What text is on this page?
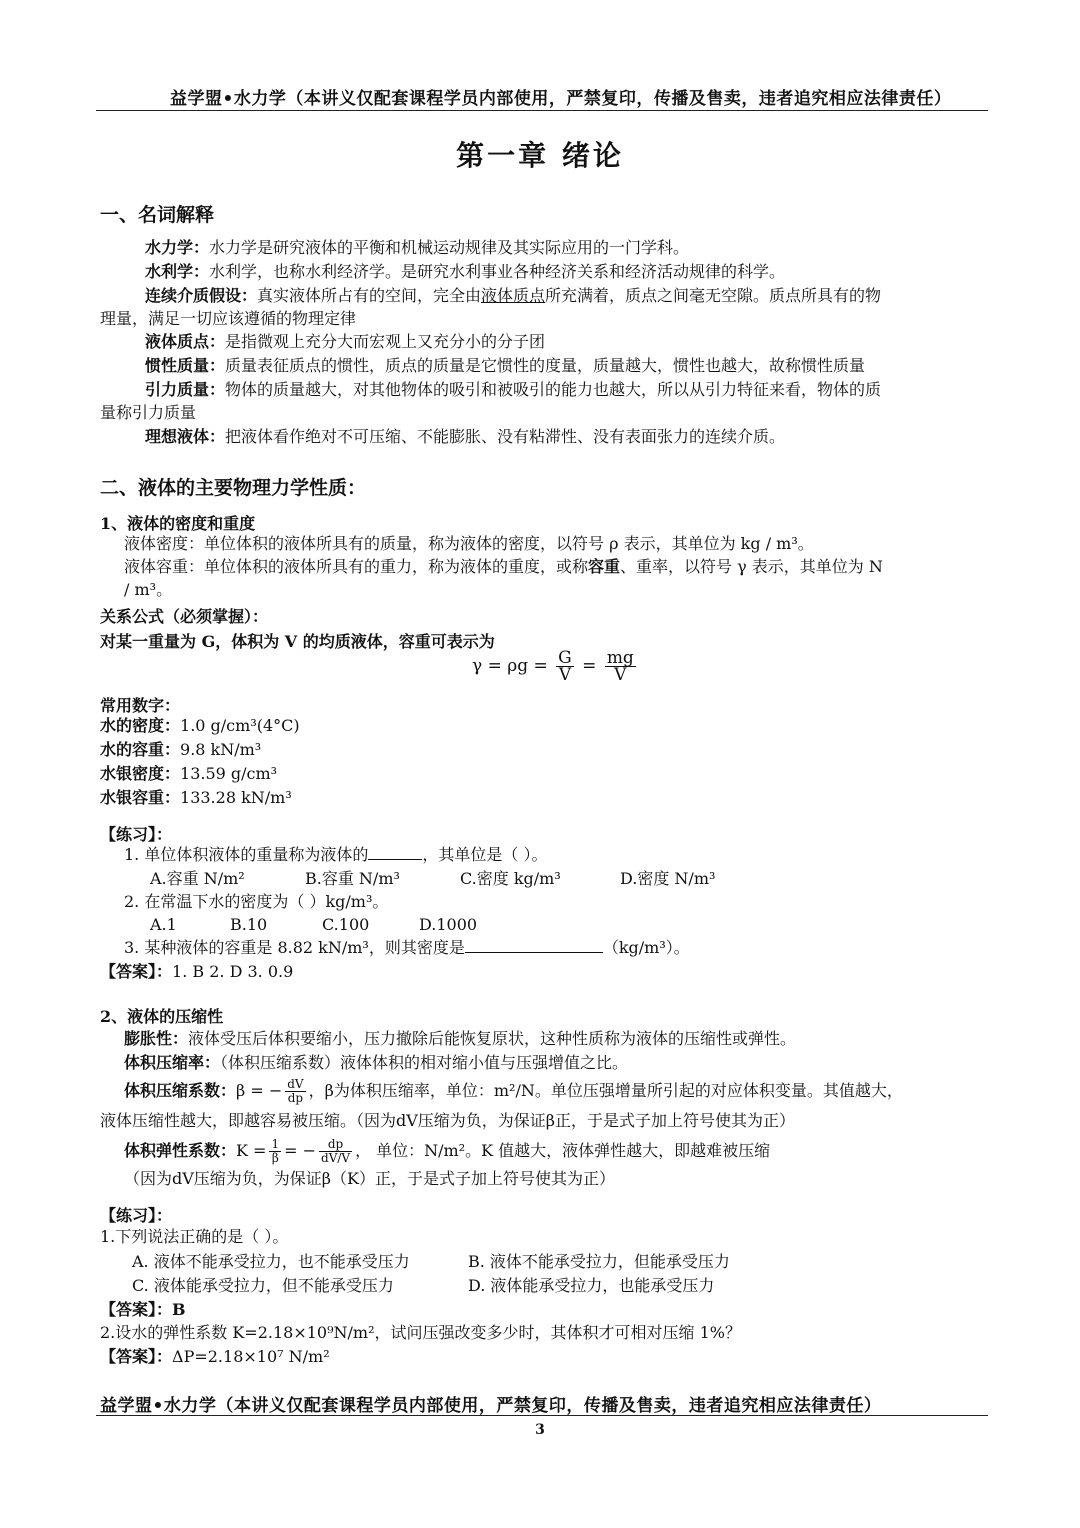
益学盟•水力学（本讲义仅配套课程学员内部使用，严禁复印，传播及售卖，违者追究相应法律责任）
第一章 绪论
一、名词解释
水力学：水力学是研究液体的平衡和机械运动规律及其实际应用的一门学科。
水利学：水利学，也称水利经济学。是研究水利事业各种经济关系和经济活动规律的科学。
连续介质假设：真实液体所占有的空间，完全由液体质点所充满着，质点之间毫无空隙。质点所具有的物
理量，满足一切应该遵循的物理定律
液体质点：是指微观上充分大而宏观上又充分小的分子团
惯性质量：质量表征质点的惯性，质点的质量是它惯性的度量，质量越大，惯性也越大，故称惯性质量
引力质量：物体的质量越大，对其他物体的吸引和被吸引的能力也越大，所以从引力特征来看，物体的质
量称引力质量
理想液体：把液体看作绝对不可压缩、不能膨胀、没有粘滞性、没有表面张力的连续介质。
二、液体的主要物理力学性质：
1、液体的密度和重度
液体密度：单位体积的液体所具有的质量，称为液体的密度，以符号 ρ 表示，其单位为 kg / m³。
液体容重：单位体积的液体所具有的重力，称为液体的重度，或称容重、重率，以符号 γ 表示，其单位为 N
/ m³。
关系公式（必须掌握）：
对某一重量为 G，体积为 V 的均质液体，容重可表示为
$\gamma = \rho g = \frac{G}{V} = \frac{mg}{V}$
常用数字：
水的密度：1.0 g/cm³(4°C)
水的容重：9.8 kN/m³
水银密度：13.59 g/cm³
水银容重：133.28 kN/m³
【练习】：
1. 单位体积液体的重量称为液体的	，其单位是（ ）。
A.容重 N/m²	B.容重 N/m³	C.密度 kg/m³	D.密度 N/m³
2. 在常温下水的密度为（ ）kg/m³。
A.1	B.10	C.100	D.1000
3. 某种液体的容重是 8.82 kN/m³，则其密度是	（kg/m³）。
【答案】：1. B 2. D 3. 0.9
2、液体的压缩性
膨胀性：液体受压后体积要缩小，压力撤除后能恢复原状，这种性质称为液体的压缩性或弹性。
体积压缩率：（体积压缩系数）液体体积的相对缩小值与压强增值之比。
体积压缩系数：β = − $\frac{dV}{dp}$ ，β为体积压缩率，单位：m²/N。单位压强增量所引起的对应体积变量。其值越大，
液体压缩性越大，即越容易被压缩。（因为dV压缩为负，为保证β正，于是式子加上符号使其为正）
体积弹性系数：$K = \frac{1}{\beta}$ = − $\frac{dp}{dV/V}$ ， 单位：N/m²。K 值越大，液体弹性越大，即越难被压缩
（因为dV压缩为负，为保证β（K）正，于是式子加上符号使其为正）
【练习】：
1.下列说法正确的是（ ）。
A. 液体不能承受拉力，也不能承受压力	B. 液体不能承受拉力，但能承受压力
C. 液体能承受拉力，但不能承受压力	D. 液体能承受拉力，也能承受压力
【答案】：B
2.设水的弹性系数 K=2.18×10⁹N/m²，试问压强改变多少时，其体积才可相对压缩 1%？
【答案】：ΔP=2.18×10⁷ N/m²
益学盟•水力学（本讲义仅配套课程学员内部使用，严禁复印，传播及售卖，违者追究相应法律责任）
3
